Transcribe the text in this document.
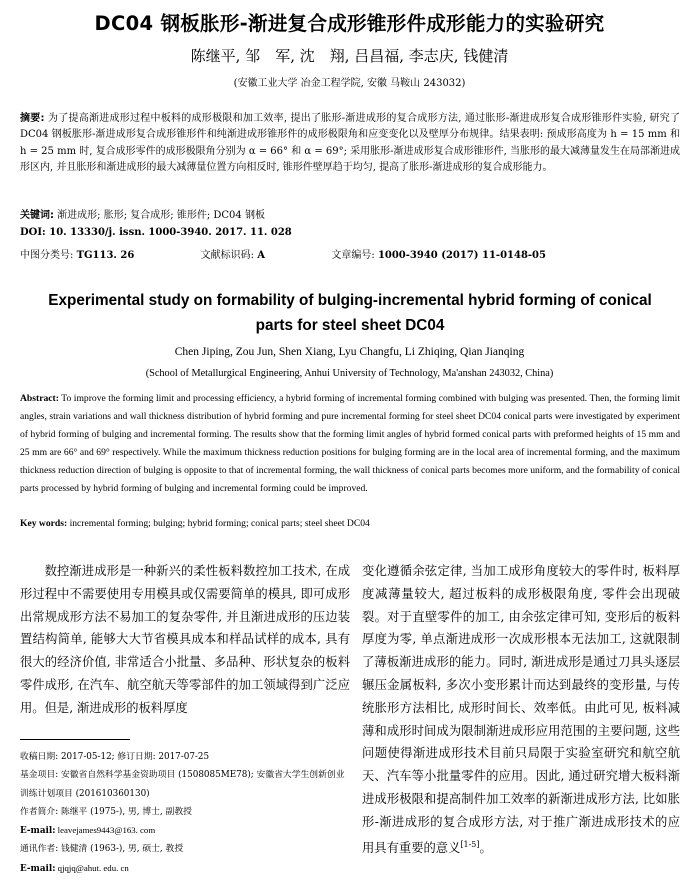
DC04 钢板胀形-渐进复合成形锥形件成形能力的实验研究
陈继平, 邹　军, 沈　翔, 吕昌福, 李志庆, 钱健清
(安徽工业大学 冶金工程学院, 安徽 马鞍山 243032)
摘要: 为了提高渐进成形过程中板料的成形极限和加工效率, 提出了胀形-渐进成形的复合成形方法, 通过胀形-渐进成形复合成形锥形件实验, 研究了 DC04 钢板胀形-渐进成形复合成形锥形件和纯渐进成形锥形件的成形极限角和应变变化以及壁厚分布规律。结果表明: 预成形高度为 h = 15 mm 和 h = 25 mm 时, 复合成形零件的成形极限角分别为 α = 66° 和 α = 69°; 采用胀形-渐进成形复合成形锥形件, 当胀形的最大减薄量发生在局部渐进成形区内, 并且胀形和渐进成形的最大减薄量位置方向相反时, 锥形件壁厚趋于均匀, 提高了胀形-渐进成形的复合成形能力。
关键词: 渐进成形; 胀形; 复合成形; 锥形件; DC04 钢板
DOI: 10. 13330/j. issn. 1000-3940. 2017. 11. 028
中图分类号: TG113. 26	文献标识码: A	文章编号: 1000-3940 (2017) 11-0148-05
Experimental study on formability of bulging-incremental hybrid forming of conical parts for steel sheet DC04
Chen Jiping, Zou Jun, Shen Xiang, Lyu Changfu, Li Zhiqing, Qian Jianqing
(School of Metallurgical Engineering, Anhui University of Technology, Ma'anshan 243032, China)
Abstract: To improve the forming limit and processing efficiency, a hybrid forming of incremental forming combined with bulging was presented. Then, the forming limit angles, strain variations and wall thickness distribution of hybrid forming and pure incremental forming for steel sheet DC04 conical parts were investigated by experiment of hybrid forming of bulging and incremental forming. The results show that the forming limit angles of hybrid formed conical parts with preformed heights of 15 mm and 25 mm are 66° and 69° respectively. While the maximum thickness reduction positions for bulging forming are in the local area of incremental forming, and the maximum thickness reduction direction of bulging is opposite to that of incremental forming, the wall thickness of conical parts becomes more uniform, and the formability of conical parts processed by hybrid forming of bulging and incremental forming could be improved.
Key words: incremental forming; bulging; hybrid forming; conical parts; steel sheet DC04
数控渐进成形是一种新兴的柔性板料数控加工技术, 在成形过程中不需要使用专用模具或仅需要简单的模具, 即可成形出常规成形方法不易加工的复杂零件, 并且渐进成形的压边装置结构简单, 能够大大节省模具成本和样品试样的成本, 具有很大的经济价值, 非常适合小批量、多品种、形状复杂的板料零件成形, 在汽车、航空航天等零部件的加工领域得到广泛应用。但是, 渐进成形的板料厚度
变化遵循余弦定律, 当加工成形角度较大的零件时, 板料厚度减薄量较大, 超过板料的成形极限角度, 零件会出现破裂。对于直壁零件的加工, 由余弦定律可知, 变形后的板料厚度为零, 单点渐进成形一次成形根本无法加工, 这就限制了薄板渐进成形的能力。同时, 渐进成形是通过刀具头逐层辗压金属板料, 多次小变形累计而达到最终的变形量, 与传统胀形方法相比, 成形时间长、效率低。由此可见, 板料减薄和成形时间成为限制渐进成形应用范围的主要问题, 这些问题使得渐进成形技术目前只局限于实验室研究和航空航天、汽车等小批量零件的应用。因此, 通过研究增大板料渐进成形极限和提高制件加工效率的新渐进成形方法, 比如胀形-渐进成形的复合成形方法, 对于推广渐进成形技术的应用具有重要的意义[1-5]。
收稿日期: 2017-05-12; 修订日期: 2017-07-25
基金项目: 安徽省自然科学基金资助项目 (1508085ME78); 安徽省大学生创新创业训练计划项目 (201610360130)
作者简介: 陈继平 (1975-), 男, 博士, 副教授
E-mail: leavejames9443@163. com
通讯作者: 钱健清 (1963-), 男, 硕士, 教授
E-mail: qjqjq@ahut. edu. cn
